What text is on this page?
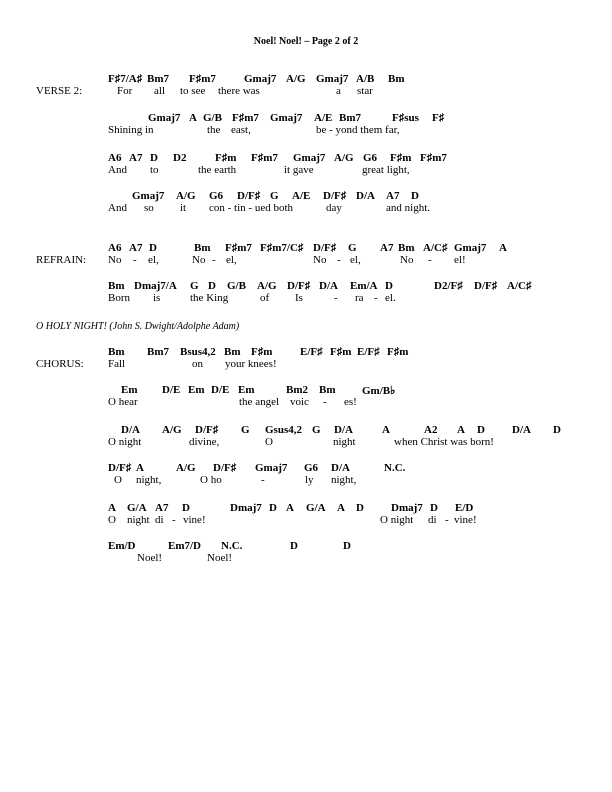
Noel! Noel! – Page 2 of 2
VERSE 2:
REFRAIN:
O HOLY NIGHT! (John S. Dwight/Adolphe Adam)
CHORUS:
F♯7/A♯ Bm7 F♯m7	Gmaj7 A/G Gmaj7 A/B Bm
For all to see there was	a star
Gmaj7 A G/B F♯m7 Gmaj7 A/E Bm7	F♯sus F♯
Shining in	the east,	be - yond them far,
A6 A7 D D2	F♯m F♯m7 Gmaj7 A/G G6 F♯m F♯m7
And to	the earth	it gave	great light,
Gmaj7 A/G G6 D/F♯ G A/E D/F♯ D/A A7 D
And so it con - tin - ued both	day	and night.
A6 A7 D	Bm F♯m7 F♯m7/C♯ D/F♯ G A7 Bm A/C♯ Gmaj7 A
No - el,	No - el,	No - el,	No - el!
Bm Dmaj7/A G D G/B A/G D/F♯ D/A Em/A D	D2/F♯ D/F♯ A/C♯
Born is	the King	of Is	- ra - el.
Bm Bm7 Bsus4,2 Bm F♯m	E/F♯ F♯m E/F♯ F♯m
Fall	on your knees!
Em D/E Em D/E Em	Bm2 Bm Gm/B♭
O hear	the angel voic - es!
D/A A/G D/F♯ G Gsus4,2 G D/A	A	A2 A D D/A D
O night	divine,	O	night	when Christ was born!
D/F♯ A	A/G D/F♯ Gmaj7 G6 D/A	N.C.
O night,	O ho	-	ly night,
A G/A A7 D	Dmaj7 D A G/A A D Dmaj7 D E/D
O night di - vine!	O night di - vine!
Em/D	Em7/D N.C.	D	D
Noel!	Noel!
